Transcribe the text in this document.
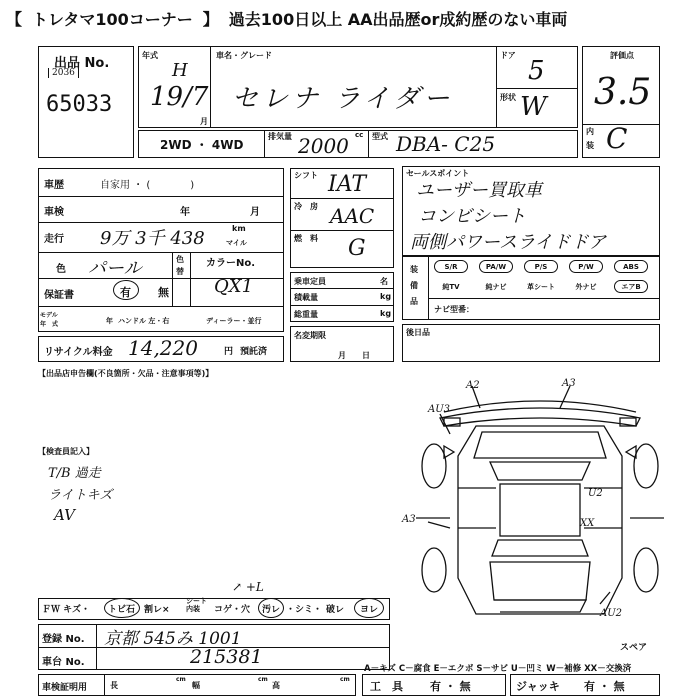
【 トレタマ100コーナー 】 過去100日以上 AA出品歴or成約歴のない車両
出品 No.
2036
65033
年式
H
19/7
月
車名・グレード
セレナ ライダー
ドア
5
形状 W
評価点
3.5
内
装 C
2WD ・ 4WD
排気量	cc
2000	型式 DBA- C25
車歴	自家用 ・ (　　　　)
車検	年	月
走行 9万 3千 438	km
マイル
色 パール	色
替
カラーNo.
QX1
保証書	有 無
モデル
年　式	年 ハンドル 左・右	ディーラー・並行
リサイクル料金 14,220	円 預託済
シフト IAT
冷　房 AAC
燃　料 G
乗車定員	名
積載量	kg
総重量	kg
名変期限
月　　日
セールスポイント
ユーザー買取車
コンビシート
両側パワースライドドア
装
備
品
S/R	PA/W	P/S	P/W	ABS
純TV	純ナビ	革シート	外ナビ	エアB
ナビ型番：
後日品
【出品店申告欄(不良箇所・欠品・注意事項等)】
【検査員記入】
T/B 過走
ライトキズ
AV
A2	A3
AU3
A3
U2
XX
AU2
スペア
ＦＷ キズ・ トビ石 割レ×
シート内装	コゲ・穴 汚レ ・シミ・ 破レ ヨレ
↗ +L
登録 No. 京都 545み 1001
車台 No.	215381
A－キズ C－腐食 E－エクボ S－サビ U－凹ミ W－補修 XX－交換済
車検証明用	長
cm
幅
cm
高
cm
工　具 有 ・ 無	ジャッキ 有 ・ 無
